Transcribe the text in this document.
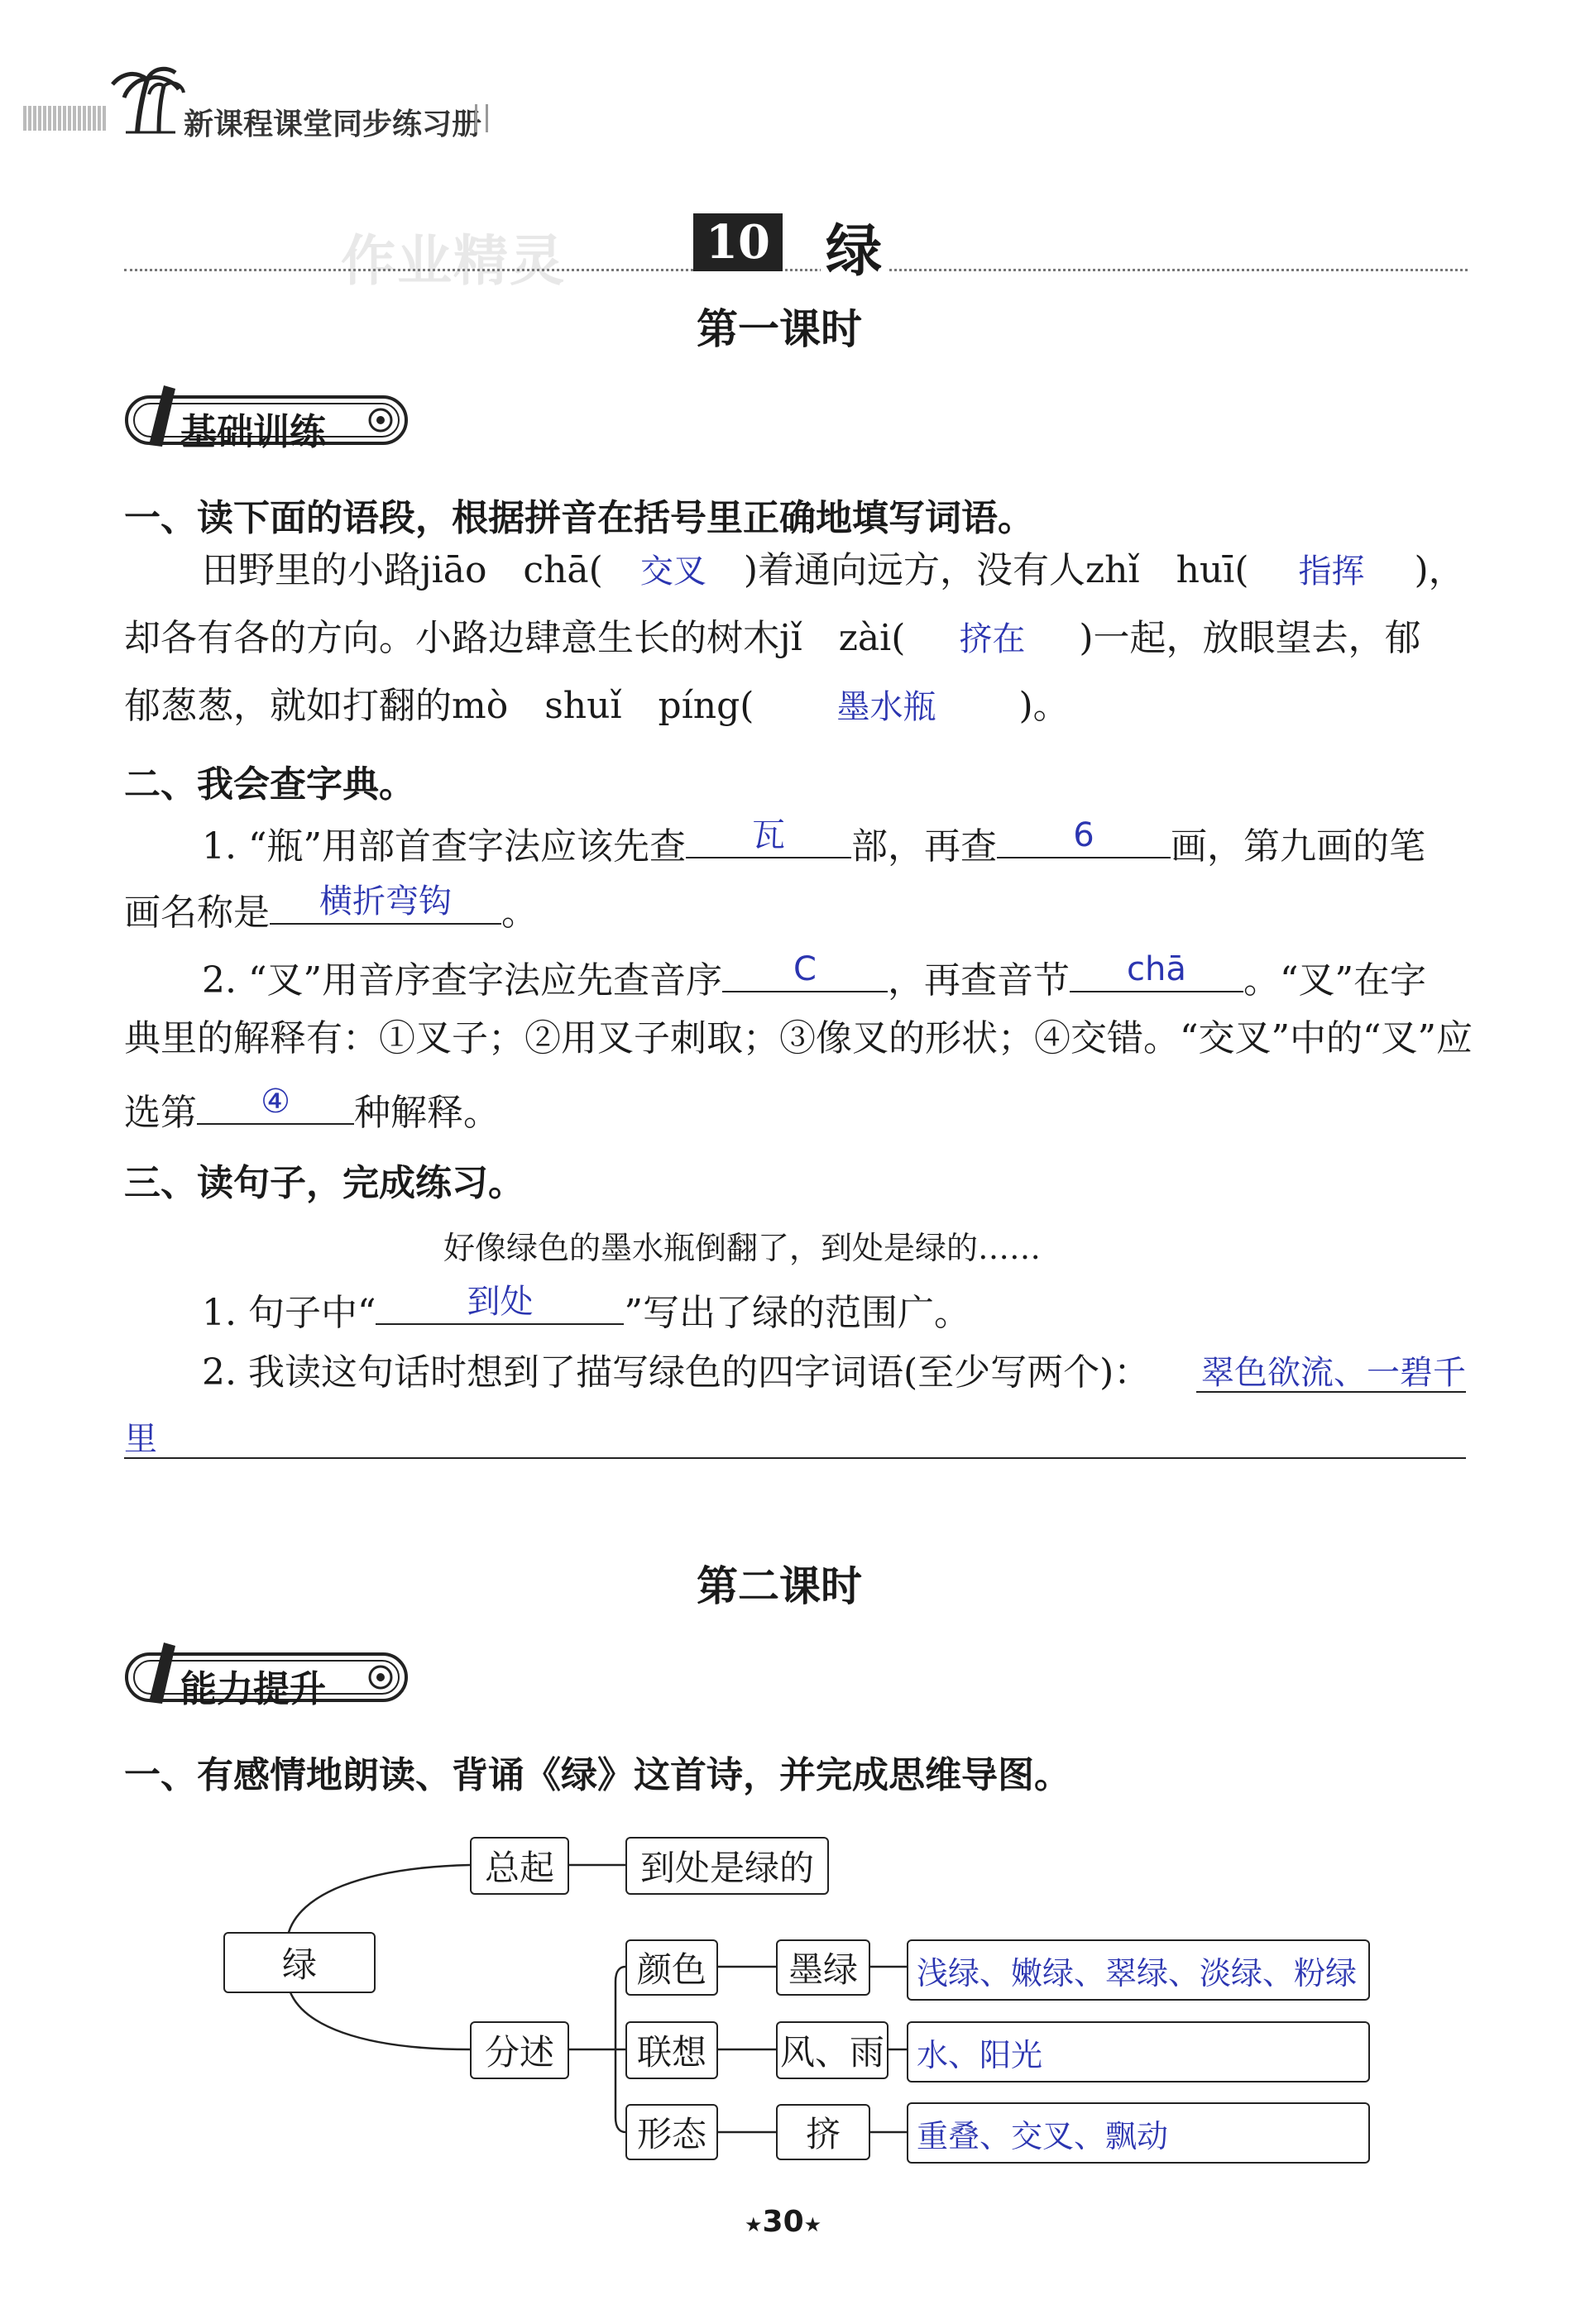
新课程课堂同步练习册
作业精灵	10 绿
第一课时
基础训练
一、读下面的语段，根据拼音在括号里正确地填写词语。
田野里的小路jiāo　chā( 交叉 )着通向远方，没有人zhǐ　huī( 指挥 )，
却各有各的方向。小路边肆意生长的树木jǐ　zài( 挤在 )一起，放眼望去，郁
郁葱葱，就如打翻的mò　shuǐ　píng(	墨水瓶 )。
二、我会查字典。
1. “瓶”用部首查字法应该先查	瓦	部，再查	6	画，第九画的笔
画名称是	横折弯钩	。
2. “叉”用音序查字法应先查音序	C	，再查音节	chā	。“叉”在字
典里的解释有：①叉子；②用叉子刺取；③像叉的形状；④交错。“交叉”中的“叉”应
选第	④	种解释。
三、读句子，完成练习。
好像绿色的墨水瓶倒翻了，到处是绿的……
1. 句子中“	到处	”写出了绿的范围广。
2. 我读这句话时想到了描写绿色的四字词语(至少写两个)： 翠色欲流、一碧千
里
第二课时
能力提升
一、有感情地朗读、背诵《绿》这首诗，并完成思维导图。
绿
总起	到处是绿的
分述
颜色	墨绿	浅绿、嫩绿、翠绿、淡绿、粉绿
联想	风、雨	水、阳光
形态	挤	重叠、交叉、飘动
★30★
